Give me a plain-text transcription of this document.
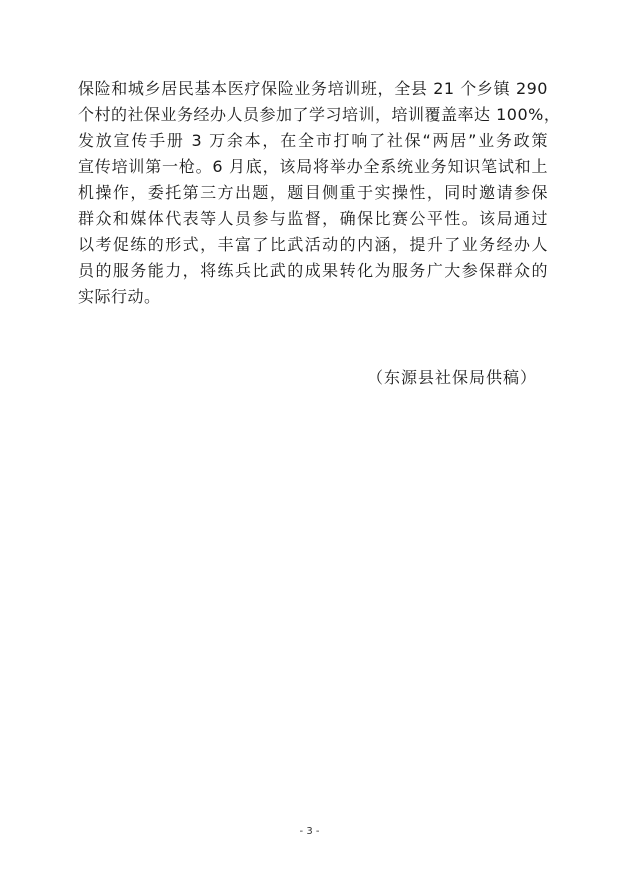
保险和城乡居民基本医疗保险业务培训班，全县 21 个乡镇 290
个村的社保业务经办人员参加了学习培训，培训覆盖率达 100%，
发放宣传手册 3 万余本，在全市打响了社保“两居”业务政策
宣传培训第一枪。6 月底，该局将举办全系统业务知识笔试和上
机操作，委托第三方出题，题目侧重于实操性，同时邀请参保
群众和媒体代表等人员参与监督，确保比赛公平性。该局通过
以考促练的形式，丰富了比武活动的内涵，提升了业务经办人
员的服务能力，将练兵比武的成果转化为服务广大参保群众的
实际行动。
（东源县社保局供稿）
- 3 -
